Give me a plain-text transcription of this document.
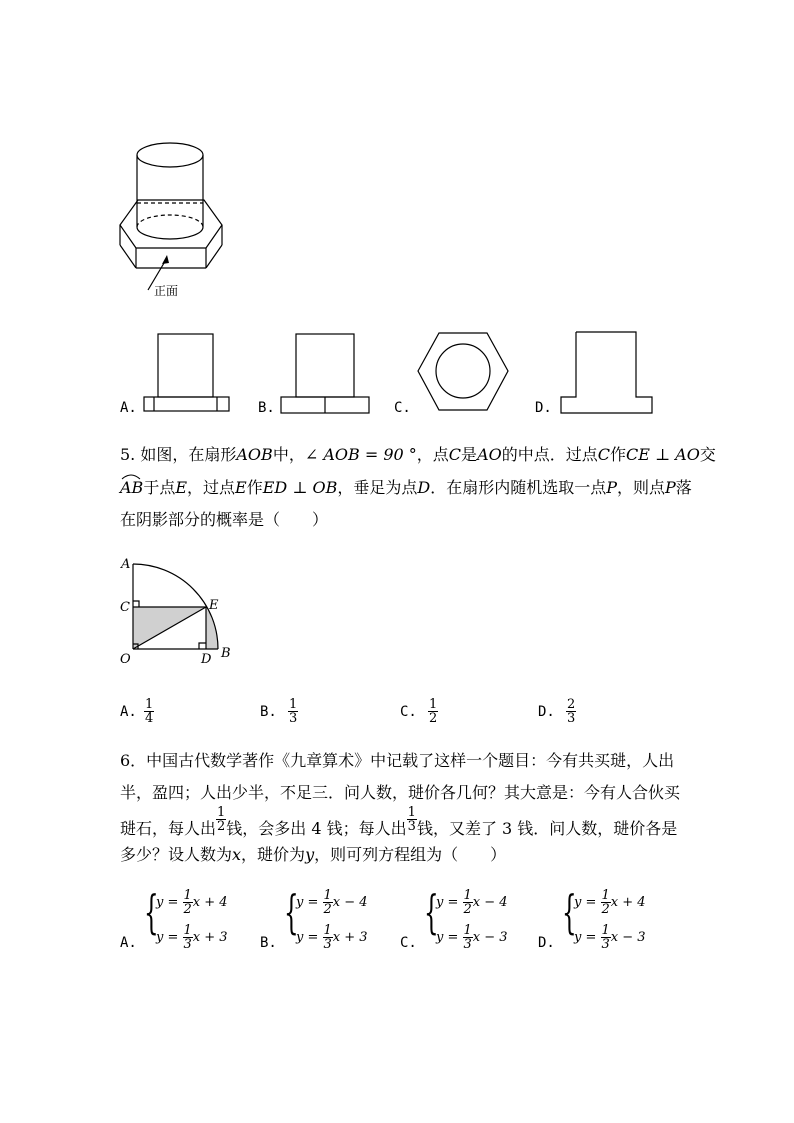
正面
A.	B.	C.	D.
5. 如图，在扇形AOB中，∠ AOB = 90 °，点C是AO的中点．过点C作CE ⊥ AO交
AB于点E，过点E作ED ⊥ OB，垂足为点D．在扇形内随机选取一点P，则点P落
在阴影部分的概率是（　　）
A
C
O
E
D B
A. $\frac{1}{4}$	B. $\frac{1}{3}$	C. $\frac{1}{2}$	D. $\frac{2}{3}$
6．中国古代数学著作《九章算术》中记载了这样一个题目：今有共买琎，人出
半，盈四；人出少半，不足三．问人数，琎价各几何？其大意是：今有人合伙买
琎石，每人出 $\frac{1}{2}$ 钱，会多出 4 钱；每人出 $\frac{1}{3}$ 钱，又差了 3 钱．问人数，琎价各是
多少？设人数为x，琎价为y，则可列方程组为（　　）
A.
{
$y = \frac{1}{2}$ x + 4
$y = \frac{1}{3}$ x + 3 B.
{
$y = \frac{1}{2}$ x − 4
$y = \frac{1}{3}$ x + 3 C.
{
$y = \frac{1}{2}$ x − 4
$y = \frac{1}{3}$ x − 3 D.
{
$y = \frac{1}{2}$ x + 4
$y = \frac{1}{3}$ x − 3
